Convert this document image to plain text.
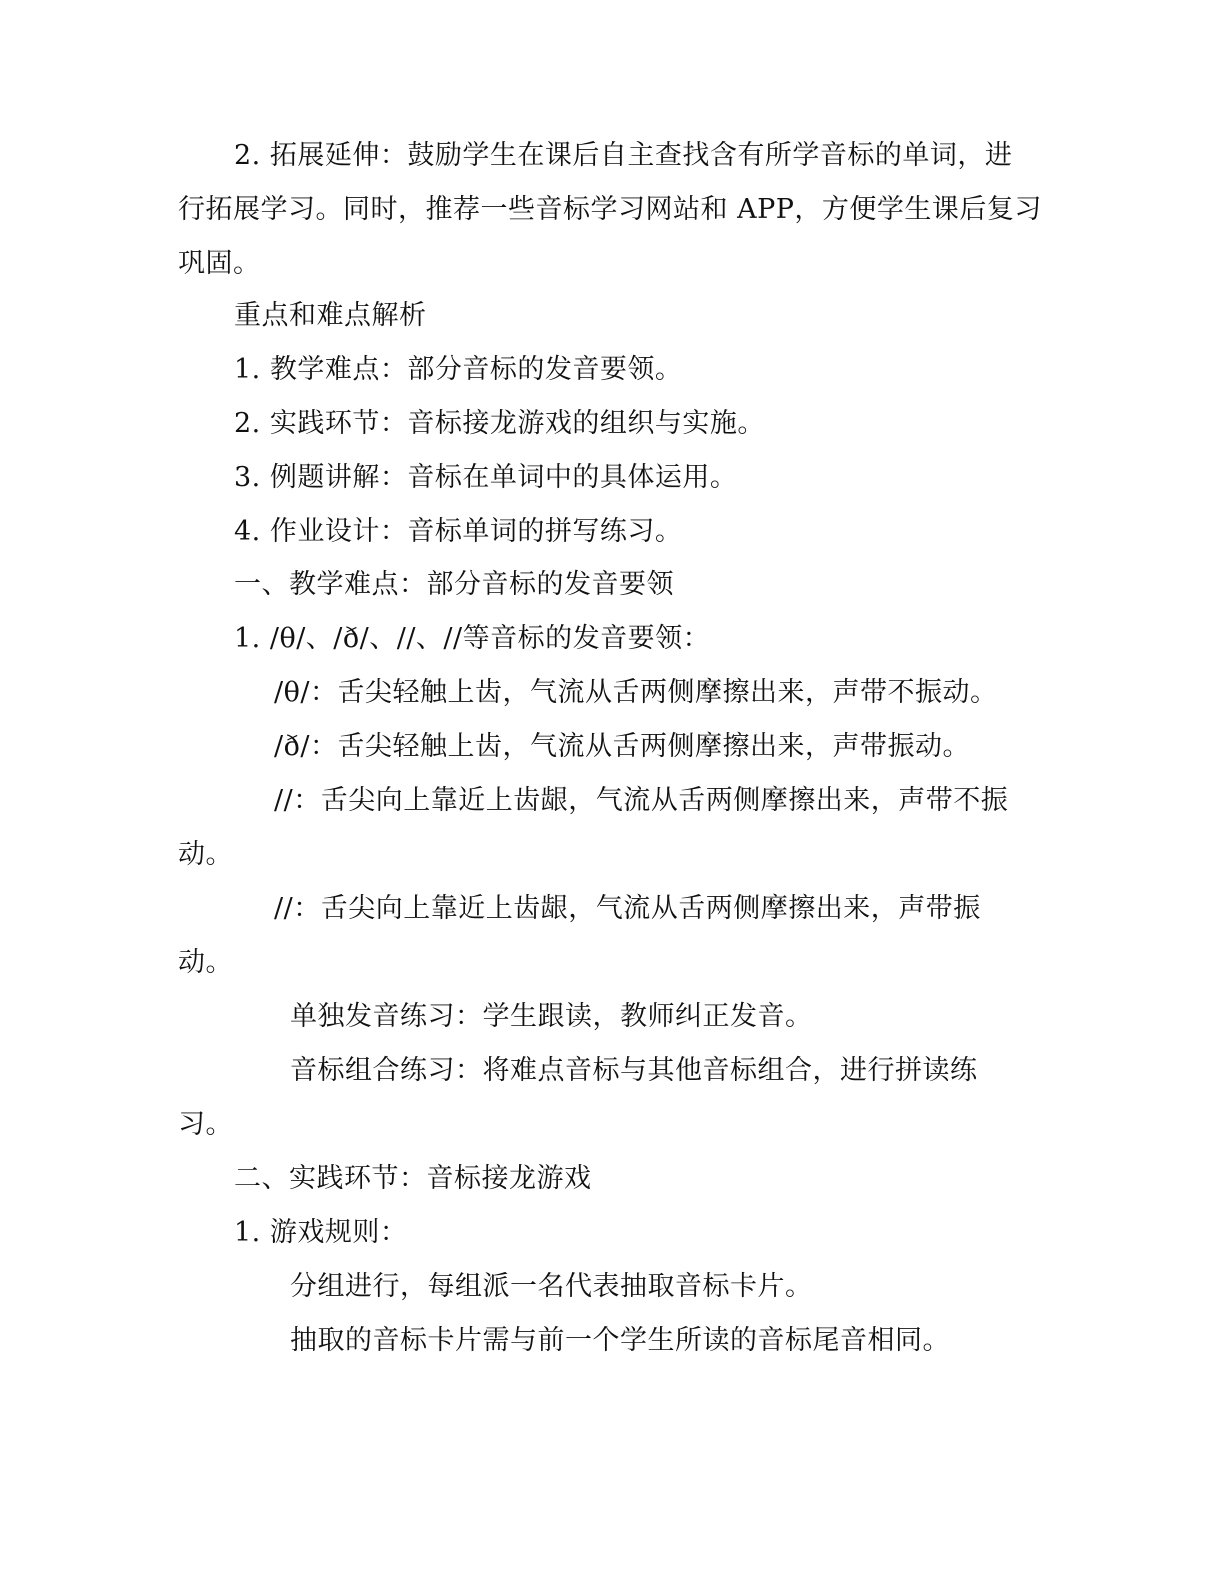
2. 拓展延伸：鼓励学生在课后自主查找含有所学音标的单词，进
行拓展学习。同时，推荐一些音标学习网站和 APP，方便学生课后复习
巩固。
重点和难点解析
1. 教学难点：部分音标的发音要领。
2. 实践环节：音标接龙游戏的组织与实施。
3. 例题讲解：音标在单词中的具体运用。
4. 作业设计：音标单词的拼写练习。
一、教学难点：部分音标的发音要领
1. /θ/、/ð/、//、//等音标的发音要领：
/θ/：舌尖轻触上齿，气流从舌两侧摩擦出来，声带不振动。
/ð/：舌尖轻触上齿，气流从舌两侧摩擦出来，声带振动。
//：舌尖向上靠近上齿龈，气流从舌两侧摩擦出来，声带不振
动。
//：舌尖向上靠近上齿龈，气流从舌两侧摩擦出来，声带振
动。
单独发音练习：学生跟读，教师纠正发音。
音标组合练习：将难点音标与其他音标组合，进行拼读练
习。
二、实践环节：音标接龙游戏
1. 游戏规则：
分组进行，每组派一名代表抽取音标卡片。
抽取的音标卡片需与前一个学生所读的音标尾音相同。
